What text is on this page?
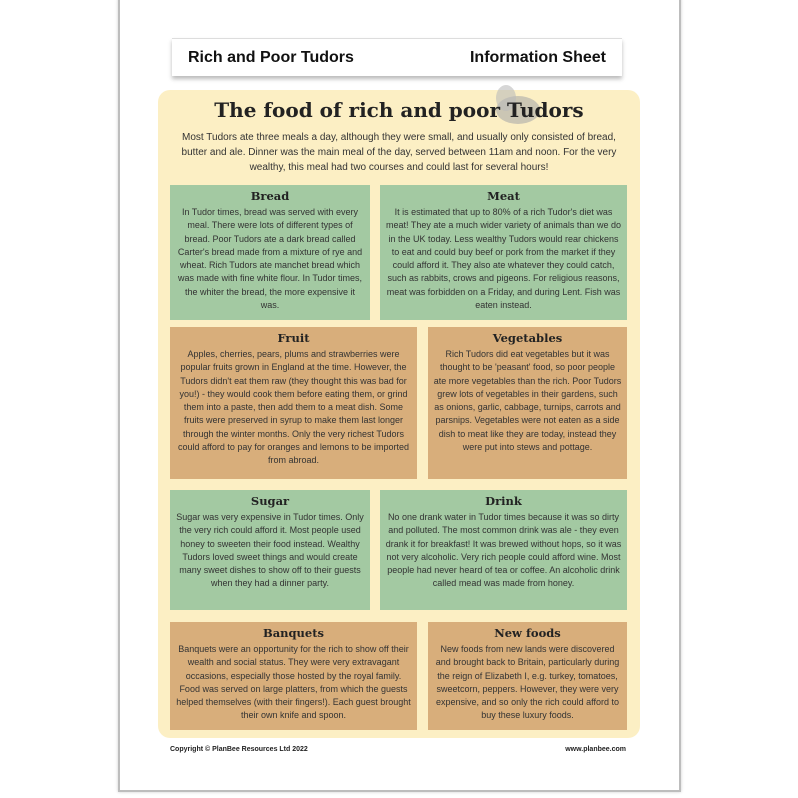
Rich and Poor Tudors	Information Sheet
The food of rich and poor Tudors
Most Tudors ate three meals a day, although they were small, and usually only consisted of bread, butter and ale. Dinner was the main meal of the day, served between 11am and noon. For the very wealthy, this meal had two courses and could last for several hours!
Bread

In Tudor times, bread was served with every meal. There were lots of different types of bread. Poor Tudors ate a dark bread called Carter's bread made from a mixture of rye and wheat. Rich Tudors ate manchet bread which was made with fine white flour. In Tudor times, the whiter the bread, the more expensive it was.

Meat

It is estimated that up to 80% of a rich Tudor's diet was meat! They ate a much wider variety of animals than we do in the UK today. Less wealthy Tudors would rear chickens to eat and could buy beef or pork from the market if they could afford it. They also ate whatever they could catch, such as rabbits, crows and pigeons. For religious reasons, meat was forbidden on a Friday, and during Lent. Fish was eaten instead.

Fruit

Apples, cherries, pears, plums and strawberries were popular fruits grown in England at the time. However, the Tudors didn't eat them raw (they thought this was bad for you!) - they would cook them before eating them, or grind them into a paste, then add them to a meat dish. Some fruits were preserved in syrup to make them last longer through the winter months. Only the very richest Tudors could afford to pay for oranges and lemons to be imported from abroad.

Vegetables

Rich Tudors did eat vegetables but it was thought to be 'peasant' food, so poor people ate more vegetables than the rich. Poor Tudors grew lots of vegetables in their gardens, such as onions, garlic, cabbage, turnips, carrots and parsnips. Vegetables were not eaten as a side dish to meat like they are today, instead they were put into stews and pottage.

Sugar

Sugar was very expensive in Tudor times. Only the very rich could afford it. Most people used honey to sweeten their food instead. Wealthy Tudors loved sweet things and would create many sweet dishes to show off to their guests when they had a dinner party.

Drink

No one drank water in Tudor times because it was so dirty and polluted. The most common drink was ale - they even drank it for breakfast! It was brewed without hops, so it was not very alcoholic. Very rich people could afford wine. Most people had never heard of tea or coffee. An alcoholic drink called mead was made from honey.

Banquets

Banquets were an opportunity for the rich to show off their wealth and social status. They were very extravagant occasions, especially those hosted by the royal family. Food was served on large platters, from which the guests helped themselves (with their fingers!). Each guest brought their own knife and spoon.

New foods

New foods from new lands were discovered and brought back to Britain, particularly during the reign of Elizabeth I, e.g. turkey, tomatoes, sweetcorn, peppers. However, they were very expensive, and so only the rich could afford to buy these luxury foods.

Copyright © PlanBee Resources Ltd 2022	www.planbee.com
